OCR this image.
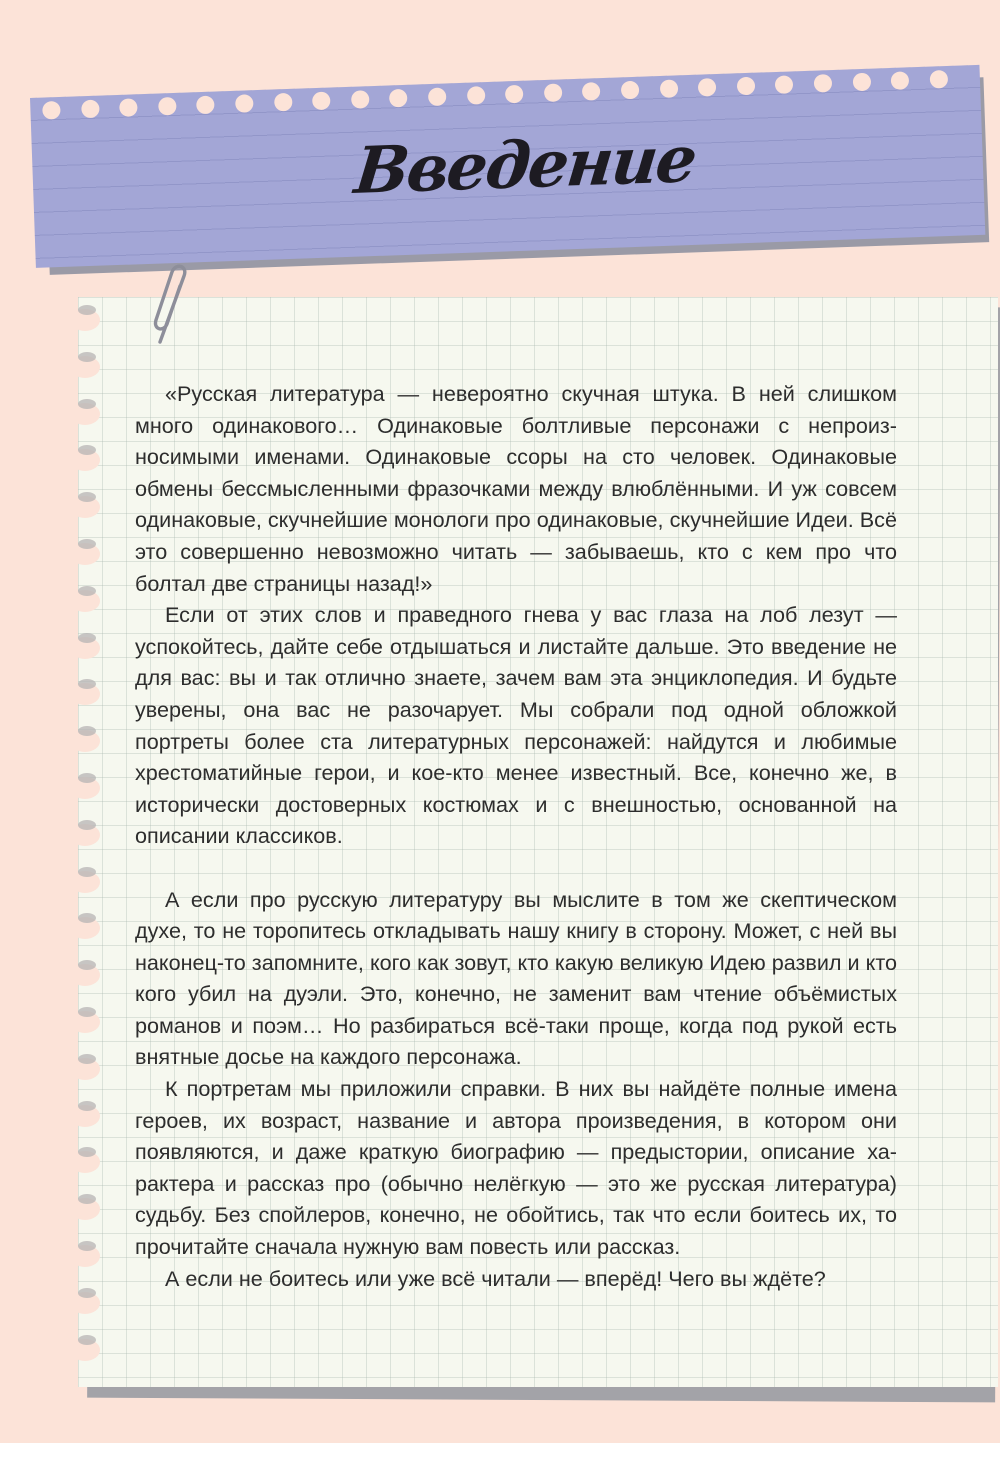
Введение

«Русская литература — невероятно скучная штука. В ней слишком много одинакового… Одинаковые болтливые персонажи с непроизносимыми именами. Одинаковые ссоры на сто человек. Одинаковые обмены бессмысленными фразочками между влюблёнными. И уж совсем одинаковые, скучнейшие монологи про одинаковые, скучнейшие Идеи. Всё это совершенно невозможно читать — забываешь, кто с кем про что болтал две страницы назад!»

Если от этих слов и праведного гнева у вас глаза на лоб лезут — успокойтесь, дайте себе отдышаться и листайте дальше. Это введение не для вас: вы и так отлично знаете, зачем вам эта энциклопедия. И будьте уверены, она вас не разочарует. Мы собрали под одной обложкой портреты более ста литературных персонажей: найдутся и любимые хрестоматийные герои, и кое-кто менее известный. Все, конечно же, в исторически достоверных костюмах и с внешностью, основанной на описании классиков.

А если про русскую литературу вы мыслите в том же скептическом духе, то не торопитесь откладывать нашу книгу в сторону. Может, с ней вы наконец-то запомните, кого как зовут, кто какую великую Идею развил и кто кого убил на дуэли. Это, конечно, не заменит вам чтение объёмистых романов и поэм… Но разбираться всё-таки проще, когда под рукой есть внятные досье на каждого персонажа.

К портретам мы приложили справки. В них вы найдёте полные имена героев, их возраст, название и автора произведения, в котором они появляются, и даже краткую биографию — предыстории, описание характера и рассказ про (обычно нелёгкую — это же русская литература) судьбу. Без спойлеров, конечно, не обойтись, так что если боитесь их, то прочитайте сначала нужную вам повесть или рассказ.

А если не боитесь или уже всё читали — вперёд! Чего вы ждёте?
